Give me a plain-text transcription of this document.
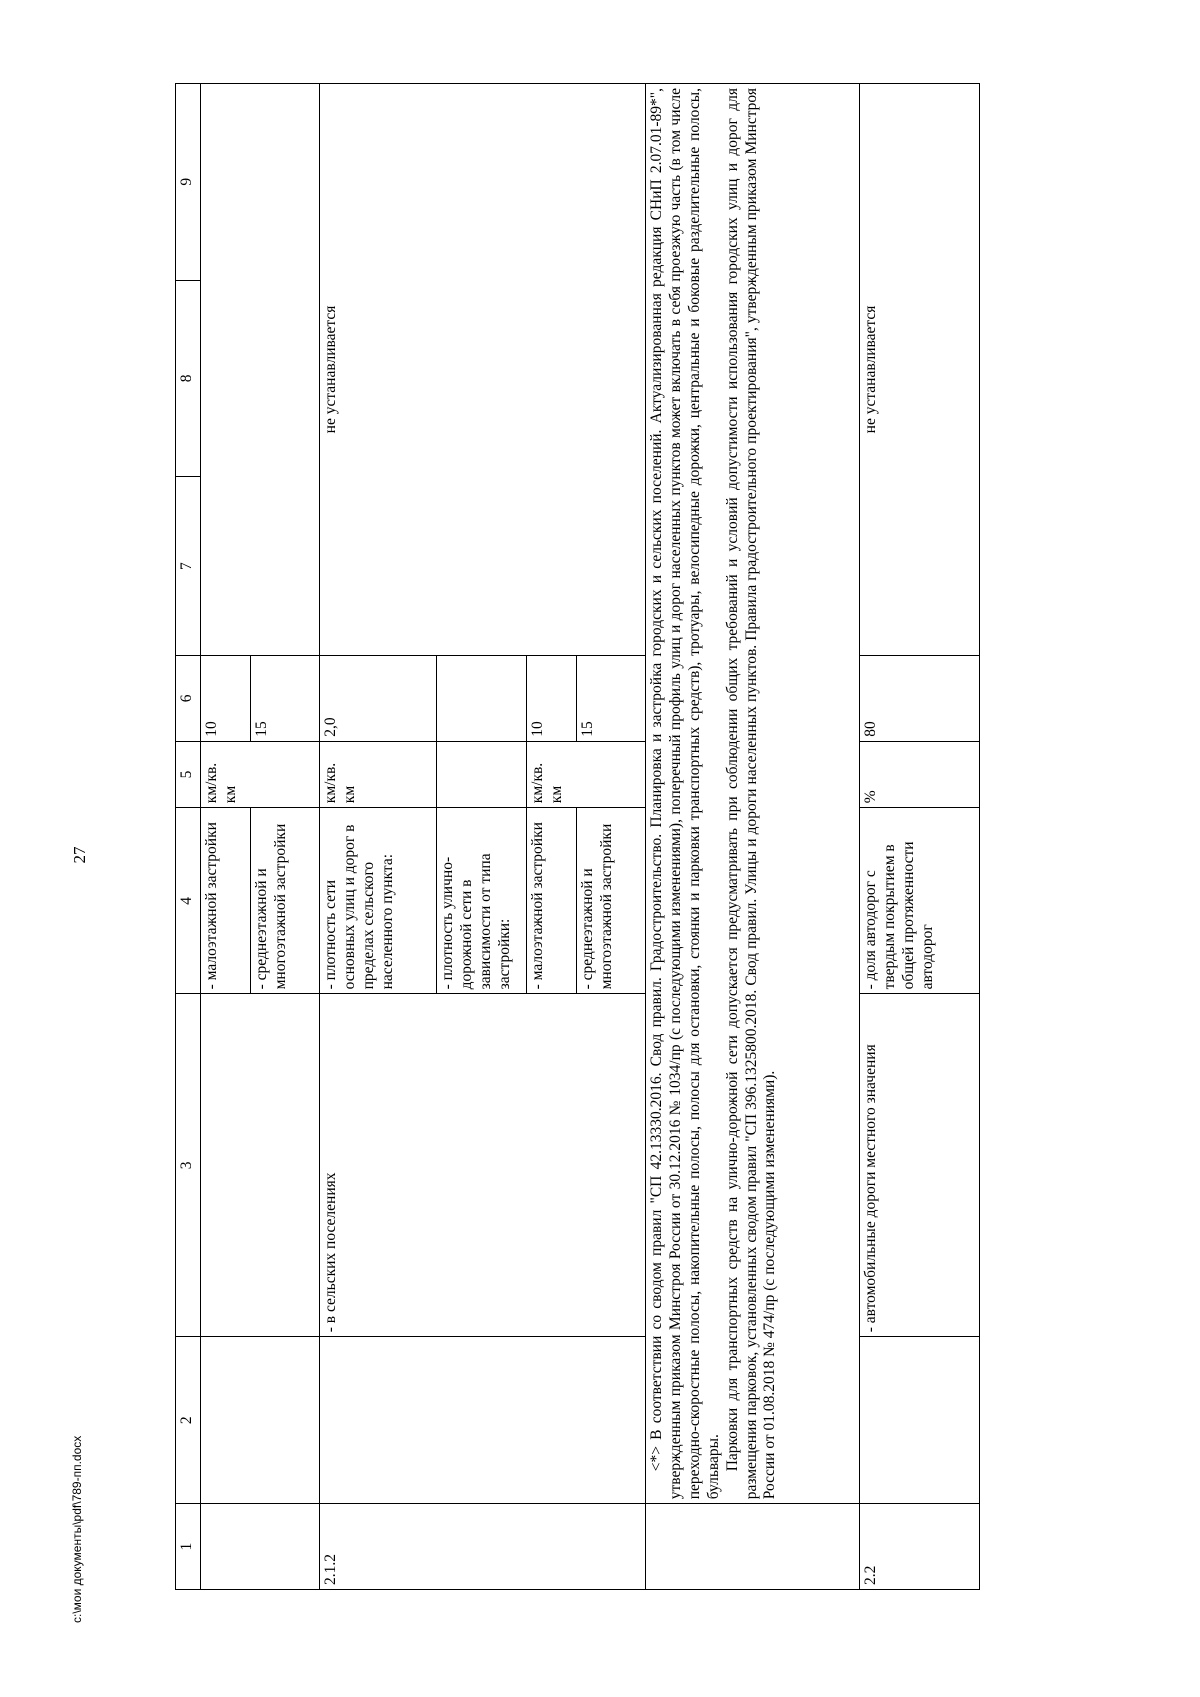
27
c:\мои документы\pdf\789-пп.docx	1	2	3	4	5	6	7	8	9
			- малоэтажной застройки	км/кв. км	10			
			- среднеэтажной и многоэтажной застройки		15			
2.1.2		- в сельских поселениях	- плотность сети основных улиц и дорог в пределах сельского населенного пункта:	км/кв. км	2,0	не устанавливается		
			- плотность улично-дорожной сети в зависимости от типа застройки:					
			- малоэтажной застройки	км/кв. км	10			
			- среднеэтажной и многоэтажной застройки		15			

	<*> В соответствии со сводом правил "СП 42.13330.2016. Свод правил. Градостроительство. Планировка и застройка городских и сельских поселений. Актуализированная редакция СНиП 2.07.01-89*", утвержденным приказом Минстроя России от 30.12.2016 № 1034/пр (с последующими изменениями), поперечный профиль улиц и дорог населенных пунктов может включать в себя проезжую часть (в том числе переходно-скоростные полосы, накопительные полосы, полосы для остановки, стоянки и парковки транспортных средств), тротуары, велосипедные дорожки, центральные и боковые разделительные полосы, бульвары. Парковки для транспортных средств на улично-дорожной сети допускается предусматривать при соблюдении общих требований и условий допустимости использования городских улиц и дорог для размещения парковок, установленных сводом правил "СП 396.1325800.2018. Свод правил. Улицы и дороги населенных пунктов. Правила градостроительного проектирования", утвержденным приказом Минстроя России от 01.08.2018 № 474/пр (с последующими изменениями).							

2.2		- автомобильные дороги местного значения	- доля автодорог с твердым покрытием в общей протяженности автодорог	%	80	не устанавливается		
